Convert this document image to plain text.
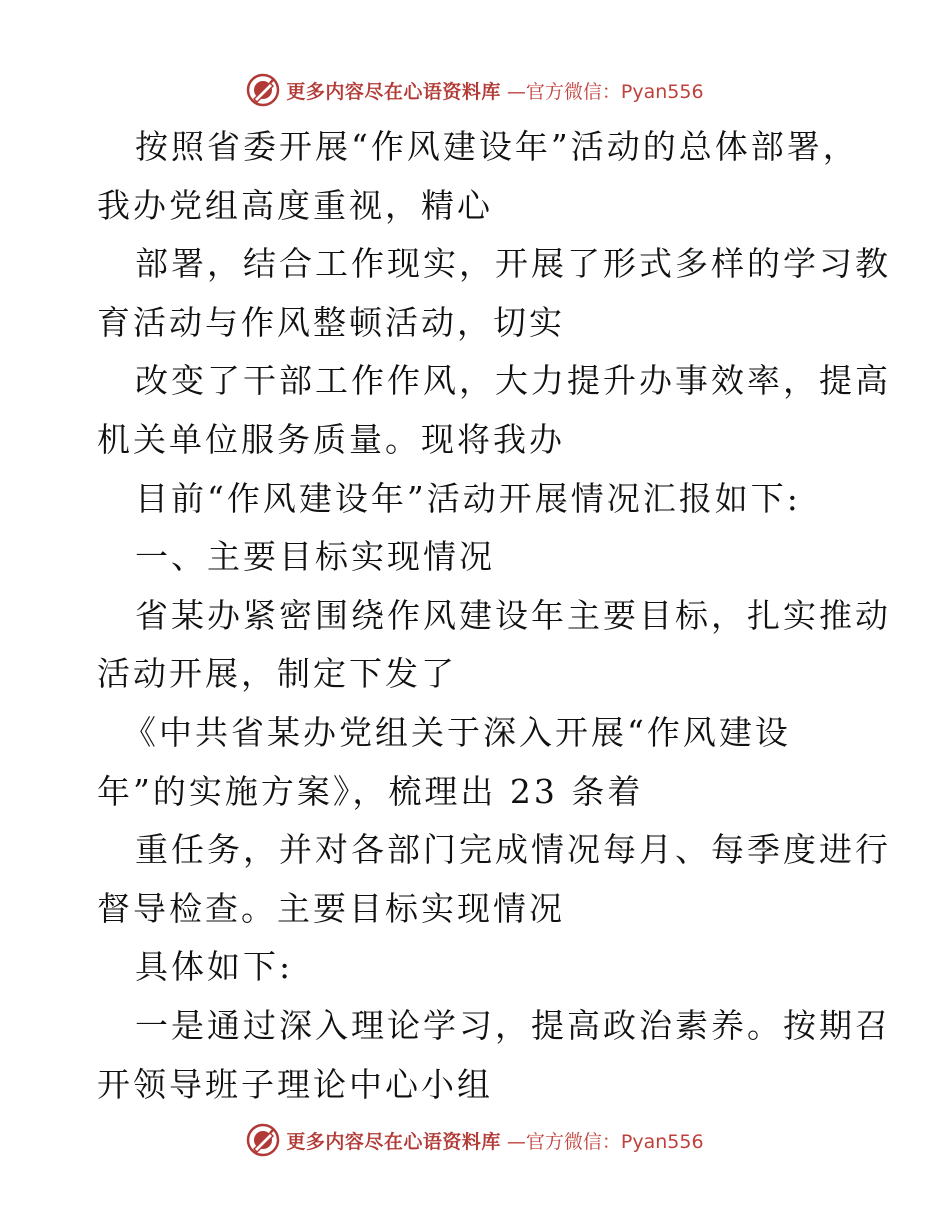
更多内容尽在心语资料库 —官方微信：Pyan556
按照省委开展“作风建设年”活动的总体部署，
我办党组高度重视，精心
部署，结合工作现实，开展了形式多样的学习教
育活动与作风整顿活动，切实
改变了干部工作作风，大力提升办事效率，提高
机关单位服务质量。现将我办
目前“作风建设年”活动开展情况汇报如下:
一、主要目标实现情况
省某办紧密围绕作风建设年主要目标，扎实推动
活动开展，制定下发了
《中共省某办党组关于深入开展“作风建设
年”的实施方案》，梳理出 23 条着
重任务，并对各部门完成情况每月、每季度进行
督导检查。主要目标实现情况
具体如下:
一是通过深入理论学习，提高政治素养。按期召
开领导班子理论中心小组
更多内容尽在心语资料库 —官方微信：Pyan556
